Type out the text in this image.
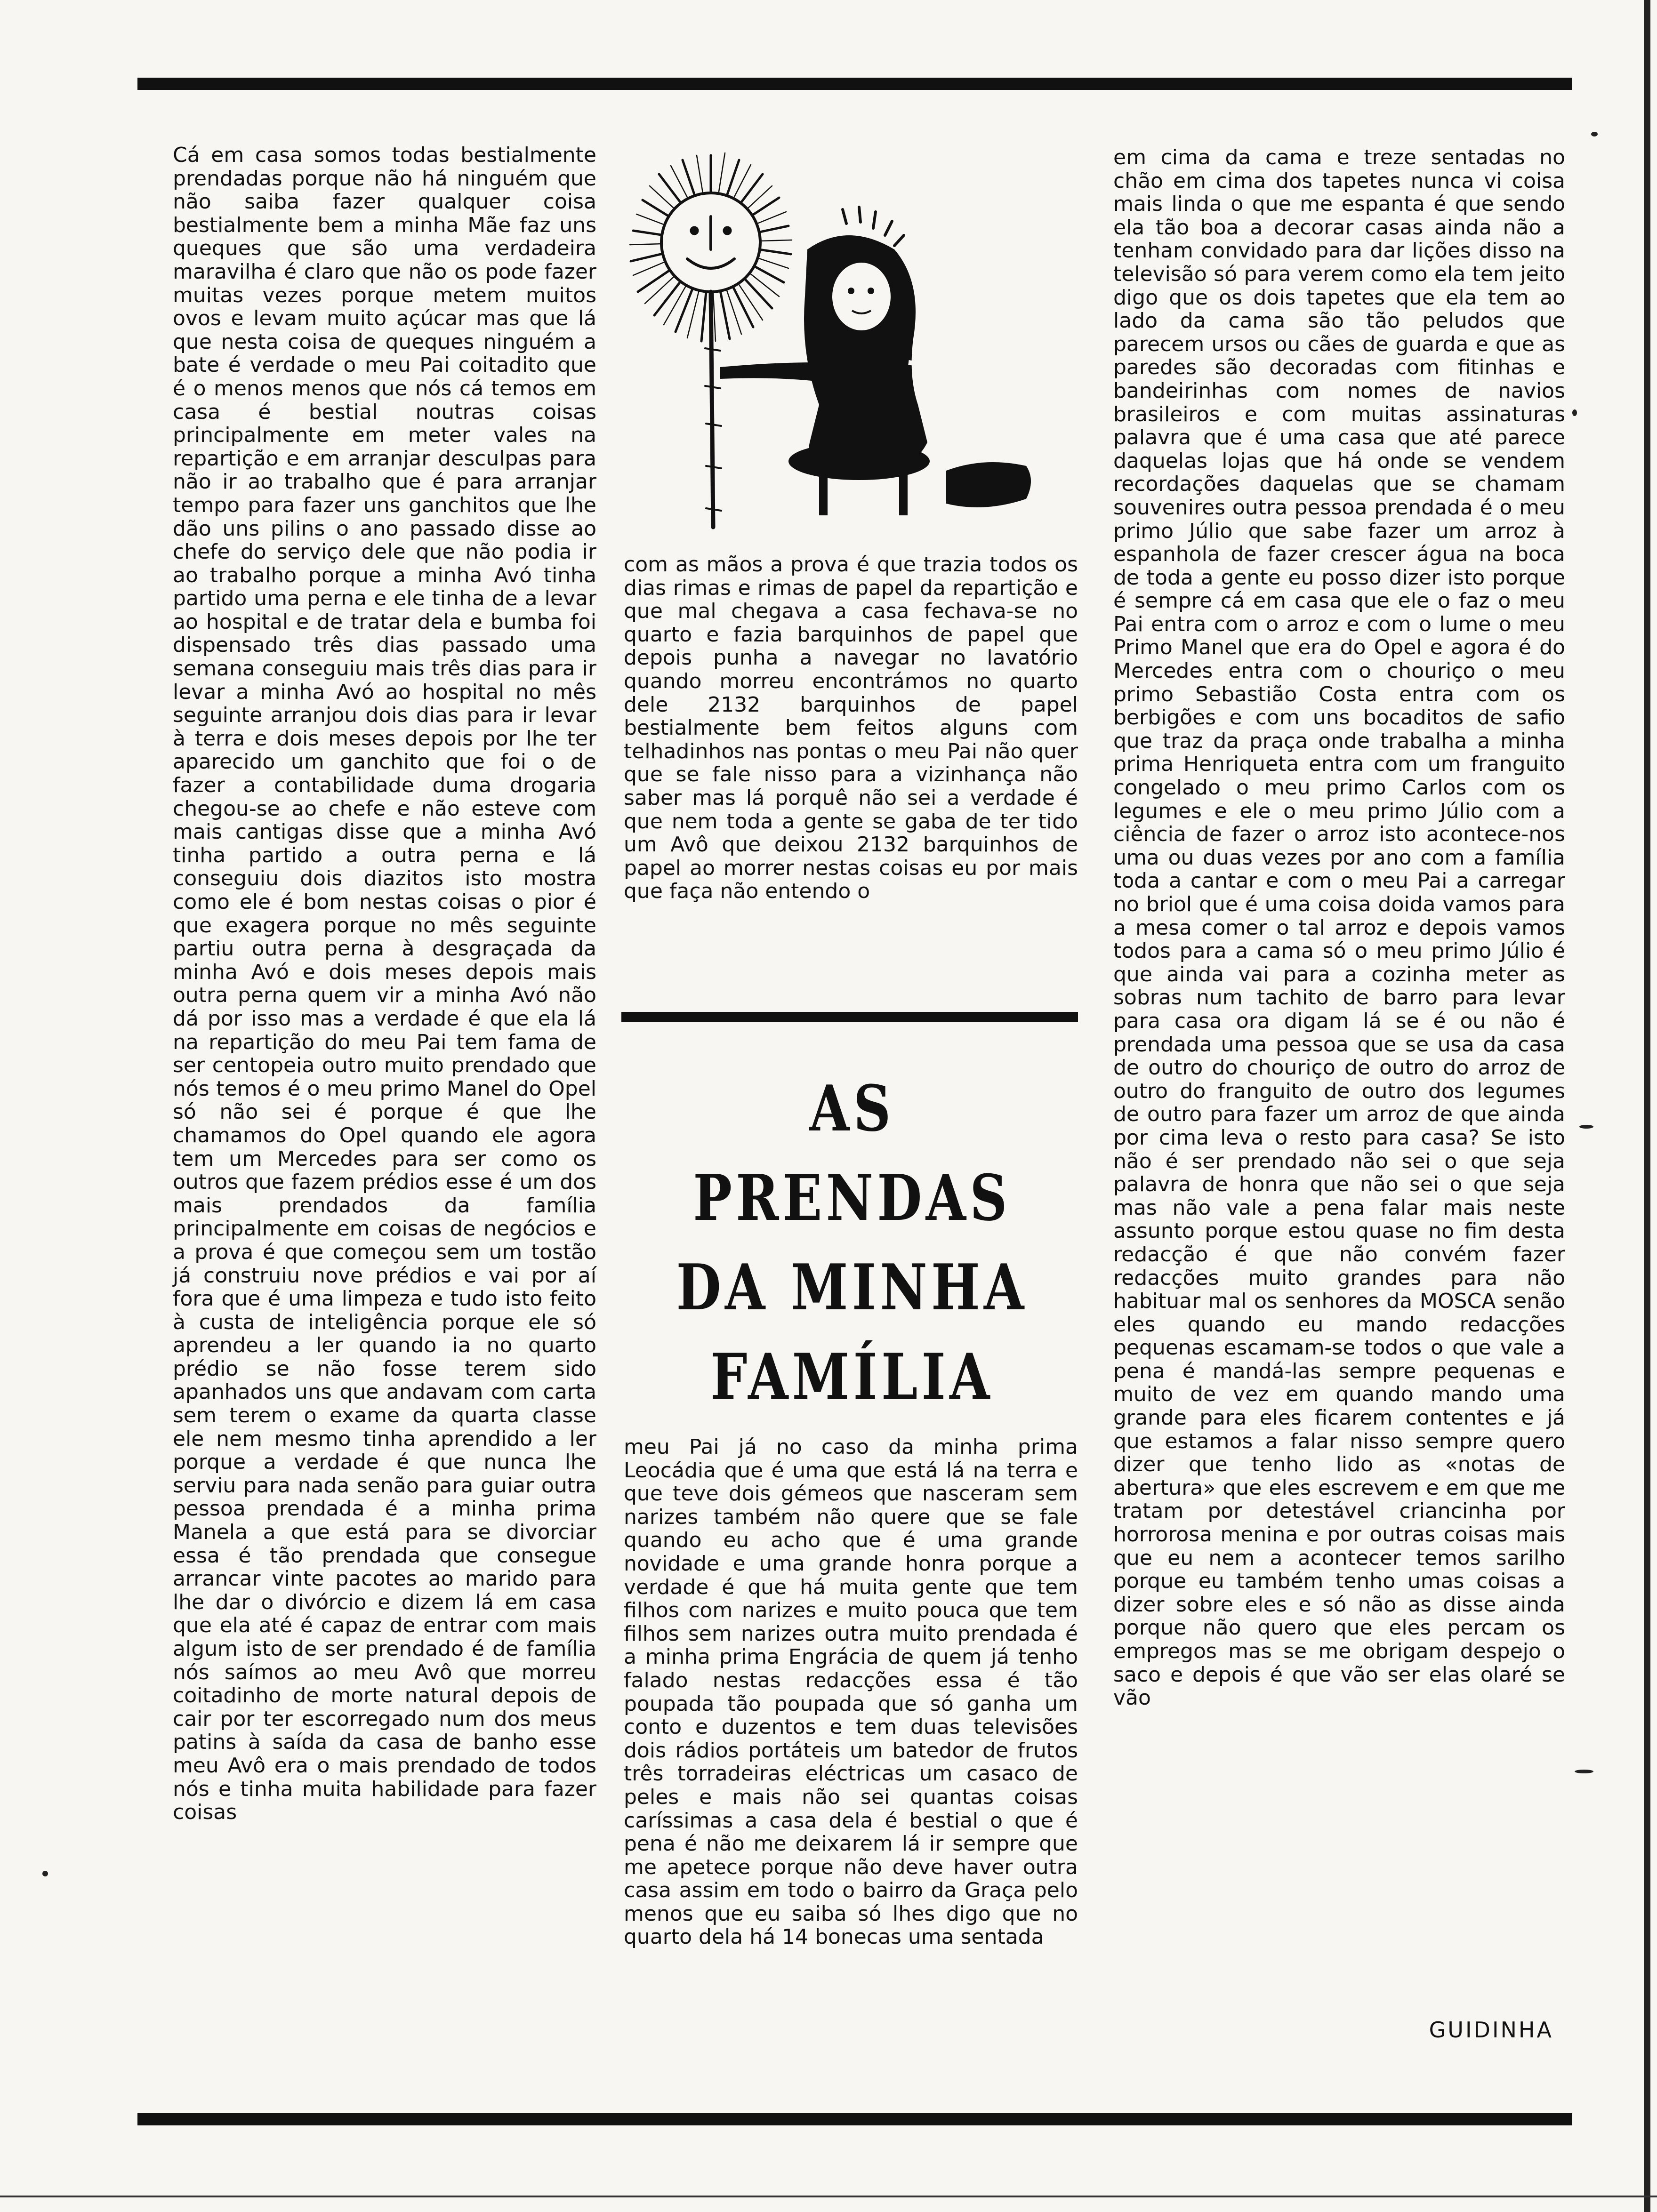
Cá em casa somos todas bestialmente prendadas porque não há ninguém que não saiba fazer qualquer coisa bestialmente bem a minha Mãe faz uns queques que são uma verdadeira maravilha é claro que não os pode fazer muitas vezes porque metem muitos ovos e levam muito açúcar mas que lá que nesta coisa de queques ninguém a bate é verdade o meu Pai coitadito que é o menos menos que nós cá temos em casa é bestial noutras coisas principalmente em meter vales na repartição e em arranjar desculpas para não ir ao trabalho que é para arranjar tempo para fazer uns ganchitos que lhe dão uns pilins o ano passado disse ao chefe do serviço dele que não podia ir ao trabalho porque a minha Avó tinha partido uma perna e ele tinha de a levar ao hospital e de tratar dela e bumba foi dispensado três dias passado uma semana conseguiu mais três dias para ir levar a minha Avó ao hospital no mês seguinte arranjou dois dias para ir levar à terra e dois meses depois por lhe ter aparecido um ganchito que foi o de fazer a contabilidade duma drogaria chegou-se ao chefe e não esteve com mais cantigas disse que a minha Avó tinha partido a outra perna e lá conseguiu dois diazitos isto mostra como ele é bom nestas coisas o pior é que exagera porque no mês seguinte partiu outra perna à desgraçada da minha Avó e dois meses depois mais outra perna quem vir a minha Avó não dá por isso mas a verdade é que ela lá na repartição do meu Pai tem fama de ser centopeia outro muito prendado que nós temos é o meu primo Manel do Opel só não sei é porque é que lhe chamamos do Opel quando ele agora tem um Mercedes para ser como os outros que fazem prédios esse é um dos mais prendados da família principalmente em coisas de negócios e a prova é que começou sem um tostão já construiu nove prédios e vai por aí fora que é uma limpeza e tudo isto feito à custa de inteligência porque ele só aprendeu a ler quando ia no quarto prédio se não fosse terem sido apanhados uns que andavam com carta sem terem o exame da quarta classe ele nem mesmo tinha aprendido a ler porque a verdade é que nunca lhe serviu para nada senão para guiar outra pessoa prendada é a minha prima Manela a que está para se divorciar essa é tão prendada que consegue arrancar vinte pacotes ao marido para lhe dar o divórcio e dizem lá em casa que ela até é capaz de entrar com mais algum isto de ser prendado é de família nós saímos ao meu Avô que morreu coitadinho de morte natural depois de cair por ter escorregado num dos meus patins à saída da casa de banho esse meu Avô era o mais prendado de todos nós e tinha muita habilidade para fazer coisas

com as mãos a prova é que trazia todos os dias rimas e rimas de papel da repartição e que mal chegava a casa fechava-se no quarto e fazia barquinhos de papel que depois punha a navegar no lavatório quando morreu encontrámos no quarto dele 2132 barquinhos de papel bestialmente bem feitos alguns com telhadinhos nas pontas o meu Pai não quer que se fale nisso para a vizinhança não saber mas lá porquê não sei a verdade é que nem toda a gente se gaba de ter tido um Avô que deixou 2132 barquinhos de papel ao morrer nestas coisas eu por mais que faça não entendo o

AS PRENDAS
DA MINHA
FAMÍLIA

meu Pai já no caso da minha prima Leocádia que é uma que está lá na terra e que teve dois gémeos que nasceram sem narizes também não quere que se fale quando eu acho que é uma grande novidade e uma grande honra porque a verdade é que há muita gente que tem filhos com narizes e muito pouca que tem filhos sem narizes outra muito prendada é a minha prima Engrácia de quem já tenho falado nestas redacções essa é tão poupada tão poupada que só ganha um conto e duzentos e tem duas televisões dois rádios portáteis um batedor de frutos três torradeiras eléctricas um casaco de peles e mais não sei quantas coisas caríssimas a casa dela é bestial o que é pena é não me deixarem lá ir sempre que me apetece porque não deve haver outra casa assim em todo o bairro da Graça pelo menos que eu saiba só lhes digo que no quarto dela há 14 bonecas uma sentada

em cima da cama e treze sentadas no chão em cima dos tapetes nunca vi coisa mais linda o que me espanta é que sendo ela tão boa a decorar casas ainda não a tenham convidado para dar lições disso na televisão só para verem como ela tem jeito digo que os dois tapetes que ela tem ao lado da cama são tão peludos que parecem ursos ou cães de guarda e que as paredes são decoradas com fitinhas e bandeirinhas com nomes de navios brasileiros e com muitas assinaturas palavra que é uma casa que até parece daquelas lojas que há onde se vendem recordações daquelas que se chamam souvenires outra pessoa prendada é o meu primo Júlio que sabe fazer um arroz à espanhola de fazer crescer água na boca de toda a gente eu posso dizer isto porque é sempre cá em casa que ele o faz o meu Pai entra com o arroz e com o lume o meu Primo Manel que era do Opel e agora é do Mercedes entra com o chouriço o meu primo Sebastião Costa entra com os berbigões e com uns bocaditos de safio que traz da praça onde trabalha a minha prima Henriqueta entra com um franguito congelado o meu primo Carlos com os legumes e ele o meu primo Júlio com a ciência de fazer o arroz isto acontece-nos uma ou duas vezes por ano com a família toda a cantar e com o meu Pai a carregar no briol que é uma coisa doida vamos para a mesa comer o tal arroz e depois vamos todos para a cama só o meu primo Júlio é que ainda vai para a cozinha meter as sobras num tachito de barro para levar para casa ora digam lá se é ou não é prendada uma pessoa que se usa da casa de outro do chouriço de outro do arroz de outro do franguito de outro dos legumes de outro para fazer um arroz de que ainda por cima leva o resto para casa? Se isto não é ser prendado não sei o que seja palavra de honra que não sei o que seja mas não vale a pena falar mais neste assunto porque estou quase no fim desta redacção é que não convém fazer redacções muito grandes para não habituar mal os senhores da MOSCA senão eles quando eu mando redacções pequenas escamam-se todos o que vale a pena é mandá-las sempre pequenas e muito de vez em quando mando uma grande para eles ficarem contentes e já que estamos a falar nisso sempre quero dizer que tenho lido as «notas de abertura» que eles escrevem e em que me tratam por detestável criancinha por horrorosa menina e por outras coisas mais que eu nem a acontecer temos sarilho porque eu também tenho umas coisas a dizer sobre eles e só não as disse ainda porque não quero que eles percam os empregos mas se me obrigam despejo o saco e depois é que vão ser elas olaré se vão

GUIDINHA
